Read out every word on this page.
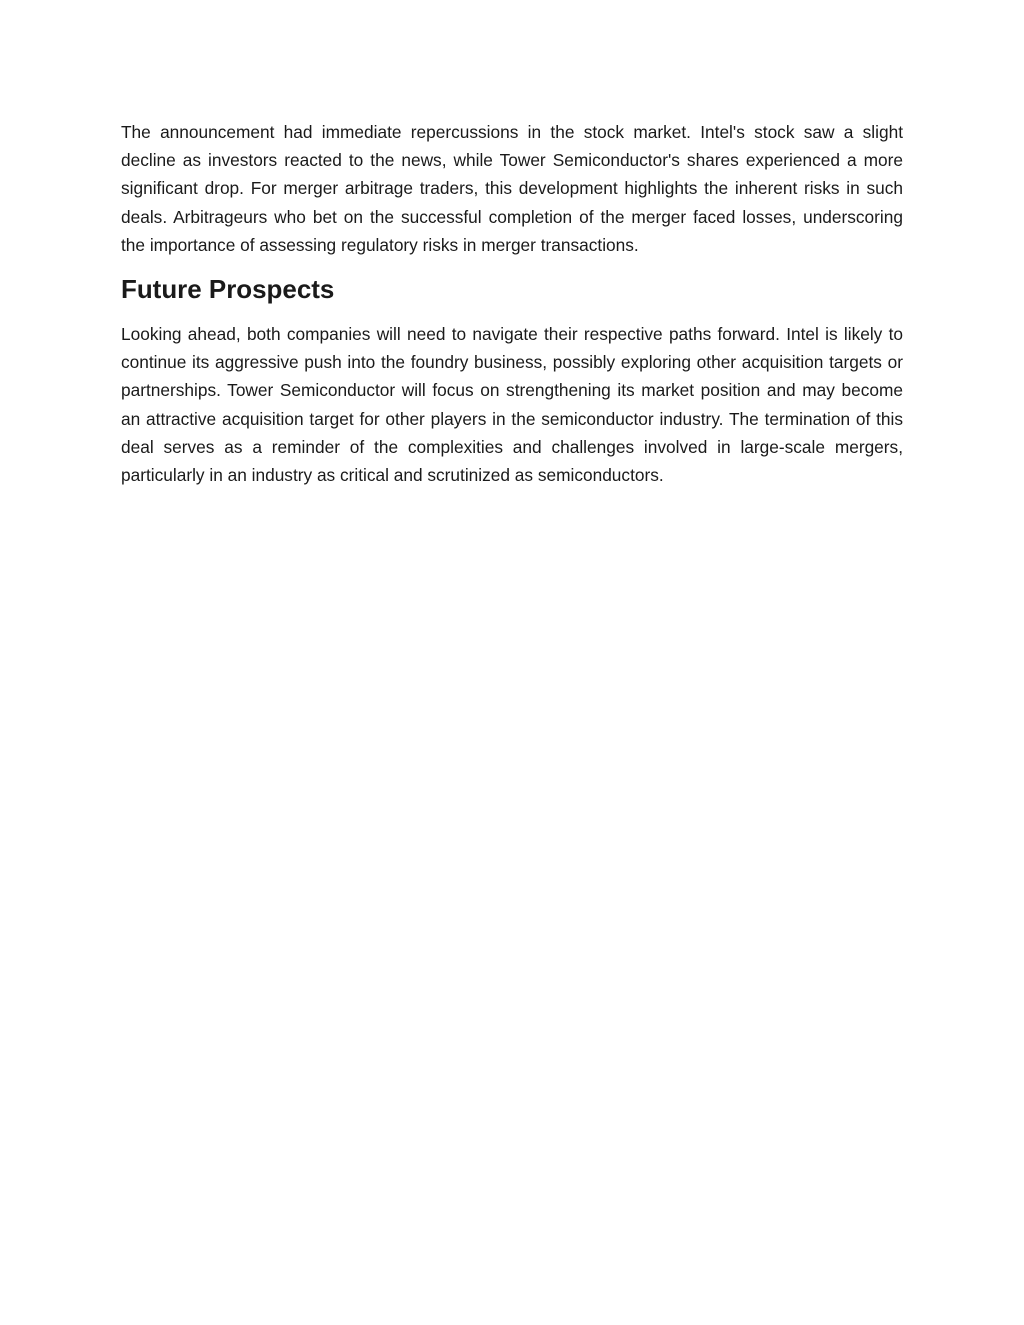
The announcement had immediate repercussions in the stock market. Intel's stock saw a slight decline as investors reacted to the news, while Tower Semiconductor's shares experienced a more significant drop. For merger arbitrage traders, this development highlights the inherent risks in such deals. Arbitrageurs who bet on the successful completion of the merger faced losses, underscoring the importance of assessing regulatory risks in merger transactions.

Future Prospects

Looking ahead, both companies will need to navigate their respective paths forward. Intel is likely to continue its aggressive push into the foundry business, possibly exploring other acquisition targets or partnerships. Tower Semiconductor will focus on strengthening its market position and may become an attractive acquisition target for other players in the semiconductor industry. The termination of this deal serves as a reminder of the complexities and challenges involved in large-scale mergers, particularly in an industry as critical and scrutinized as semiconductors.
